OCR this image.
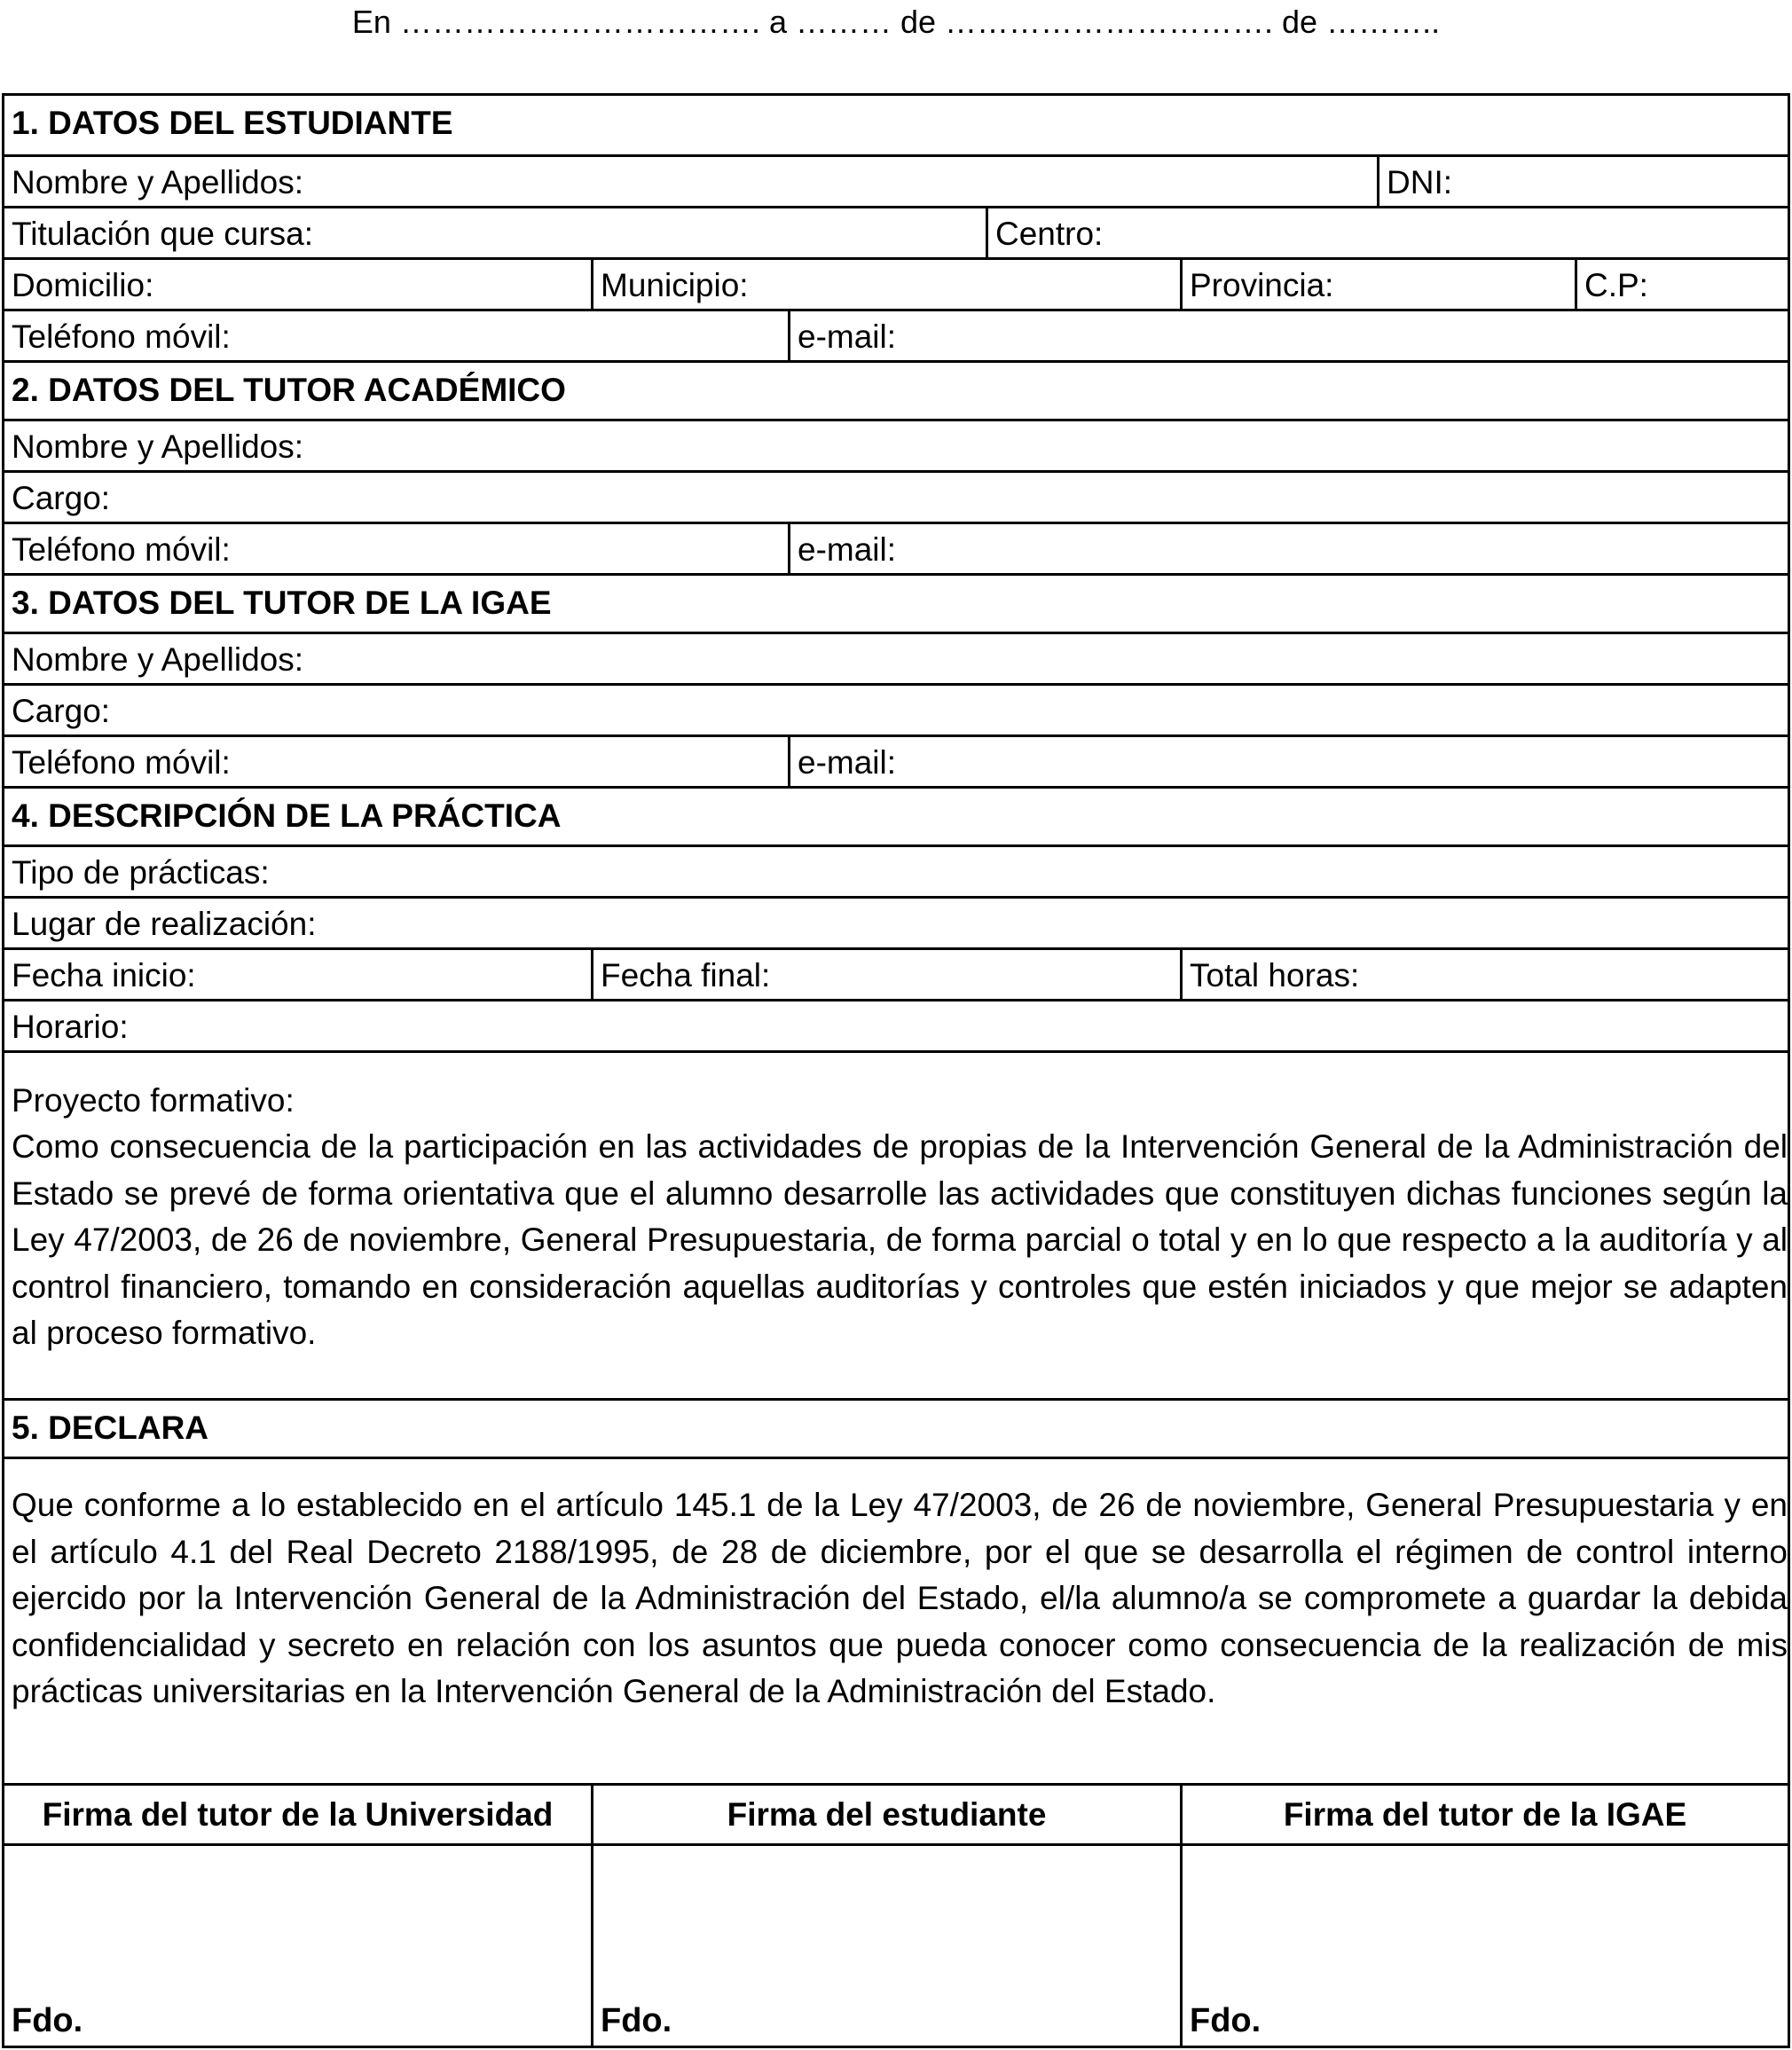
En ……………………………. a ……… de …………………………. de ………..
1. DATOS DEL ESTUDIANTE
Nombre y Apellidos:	DNI:
Titulación que cursa:	Centro:
Domicilio:	Municipio:	Provincia:	C.P:
Teléfono móvil:	e-mail:
2. DATOS DEL TUTOR ACADÉMICO
Nombre y Apellidos:
Cargo:
Teléfono móvil:	e-mail:
3. DATOS DEL TUTOR DE LA IGAE
Nombre y Apellidos:
Cargo:
Teléfono móvil:	e-mail:
4. DESCRIPCIÓN DE LA PRÁCTICA
Tipo de prácticas:
Lugar de realización:
Fecha inicio:	Fecha final:	Total horas:
Horario:
Proyecto formativo:
Como consecuencia de la participación en las actividades de propias de la Intervención General de la Administración del Estado se prevé de forma orientativa que el alumno desarrolle las actividades que constituyen dichas funciones según la Ley 47/2003, de 26 de noviembre, General Presupuestaria, de forma parcial o total y en lo que respecto a la auditoría y al control financiero, tomando en consideración aquellas auditorías y controles que estén iniciados y que mejor se adapten al proceso formativo.
5. DECLARA
Que conforme a lo establecido en el artículo 145.1 de la Ley 47/2003, de 26 de noviembre, General Presupuestaria y en el artículo 4.1 del Real Decreto 2188/1995, de 28 de diciembre, por el que se desarrolla el régimen de control interno ejercido por la Intervención General de la Administración del Estado, el/la alumno/a se compromete a guardar la debida confidencialidad y secreto en relación con los asuntos que pueda conocer como consecuencia de la realización de mis prácticas universitarias en la Intervención General de la Administración del Estado.
Firma del tutor de la Universidad	Firma del estudiante	Firma del tutor de la IGAE
Fdo.	Fdo.	Fdo.
